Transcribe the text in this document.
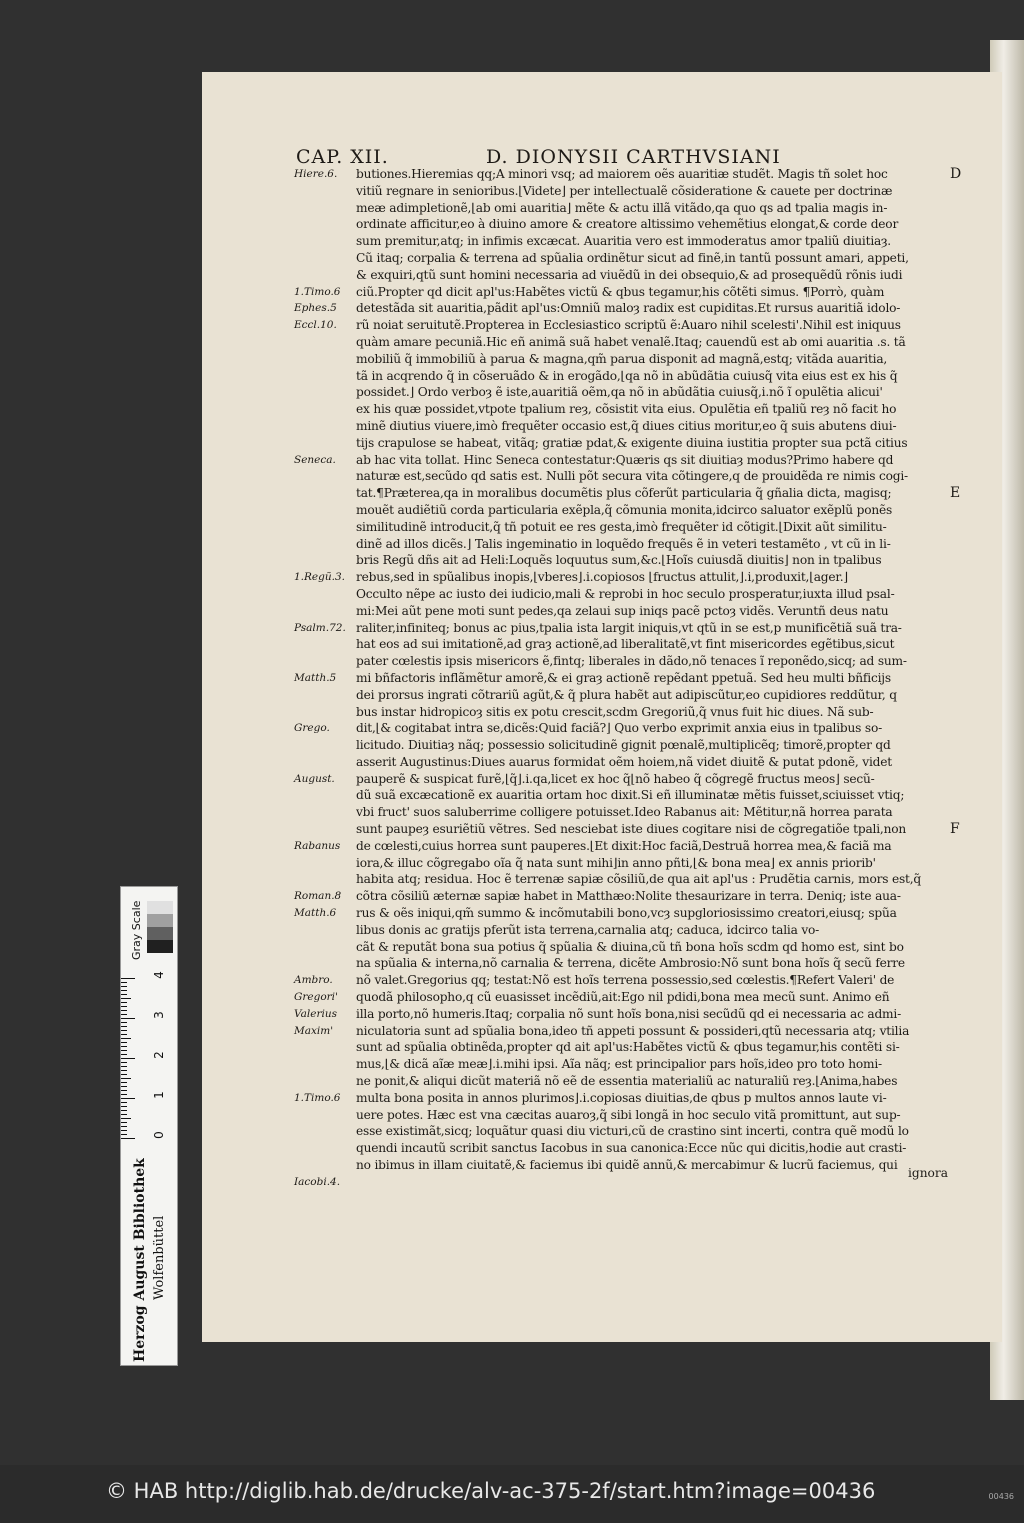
CAP. XII.	D. DIONYSII CARTHVSIANI
butiones.Hieremias qq;A minori vsq; ad maiorem oẽs auaritiæ studẽt. Magis tñ solet hoc
vitiũ regnare in senioribus.⌊Videte⌋ per intellectualẽ cõsideratione & cauete per doctrinæ
meæ adimpletionẽ,⌊ab omi auaritia⌋ mẽte & actu illã vitãdo,qa quo qs ad tpalia magis in-
ordinate afficitur,eo à diuino amore & creatore altissimo vehemẽtius elongat,& corde deor
sum premitur,atq; in infimis excæcat. Auaritia vero est immoderatus amor tpaliũ diuitiaȝ.
Cũ itaq; corpalia & terrena ad spũalia ordinẽtur sicut ad finẽ,in tantũ possunt amari, appeti,
& exquiri,qtũ sunt homini necessaria ad viuẽdũ in dei obsequio,& ad prosequẽdũ rõnis iudi
ciũ.Propter qd dicit apl'us:Habẽtes victũ & qbus tegamur,his cõtẽti simus. ¶Porrò, quàm
detestãda sit auaritia,pãdit apl'us:Omniũ maloȝ radix est cupiditas.Et rursus auaritiã idolo-
rũ noiat seruitutẽ.Propterea in Ecclesiastico scriptũ ẽ:Auaro nihil scelesti'.Nihil est iniquus
quàm amare pecuniã.Hic eñ animã suã habet venalẽ.Itaq; cauendũ est ab omi auaritia .s. tã
mobiliũ q̃ immobiliũ à parua & magna,qm̃ parua disponit ad magnã,estq; vitãda auaritia,
tã in acqrendo q̃ in cõseruãdo & in erogãdo,⌊qa nõ in abũdãtia cuiusq̃ vita eius est ex his q̃
possidet.⌋ Ordo verboȝ ẽ iste,auaritiã oẽm,qa nõ in abũdãtia cuiusq̃,i.nõ ĩ opulẽtia alicui'
ex his quæ possidet,vtpote tpalium reȝ, cõsistit vita eius. Opulẽtia eñ tpaliũ reȝ nõ facit ho
minẽ diutius viuere,imò frequẽter occasio est,q̃ diues citius moritur,eo q̃ suis abutens diui-
tijs crapulose se habeat, vitãq; gratiæ pdat,& exigente diuina iustitia propter sua pctã citius
ab hac vita tollat. Hinc Seneca contestatur:Quæris qs sit diuitiaȝ modus?Primo habere qd
naturæ est,secũdo qd satis est. Nulli põt secura vita cõtingere,q de prouidẽda re nimis cogi-
tat.¶Præterea,qa in moralibus documẽtis plus cõferũt particularia q̃ gñalia dicta, magisq;
mouẽt audiẽtiũ corda particularia exẽpla,q̃ cõmunia monita,idcirco saluator exẽplũ ponẽs
similitudinẽ introducit,q̃ tñ potuit ee res gesta,imò frequẽter id cõtigit.⌊Dixit aũt similitu-
dinẽ ad illos dicẽs.⌋ Talis ingeminatio in loquẽdo frequẽs ẽ in veteri testamẽto , vt cũ in li-
bris Regũ dñs ait ad Heli:Loquẽs loquutus sum,&c.⌊Hoĩs cuiusdã diuitis⌋ non in tpalibus
rebus,sed in spũalibus inopis,⌊vberes⌋.i.copiosos ⌊fructus attulit,⌋.i,produxit,⌊ager.⌋
Occulto nẽpe ac iusto dei iudicio,mali & reprobi in hoc seculo prosperatur,iuxta illud psal-
mi:Mei aũt pene moti sunt pedes,qa zelaui sup iniqs pacẽ pctoȝ vidẽs. Veruntñ deus natu
raliter,infiniteq; bonus ac pius,tpalia ista largit iniquis,vt qtũ in se est,p munificẽtiã suã tra-
hat eos ad sui imitationẽ,ad graȝ actionẽ,ad liberalitatẽ,vt fint misericordes egẽtibus,sicut
pater cœlestis ipsis misericors ẽ,fintq; liberales in dãdo,nõ tenaces ĩ reponẽdo,sicq; ad sum-
mi bñfactoris inflãmẽtur amorẽ,& ei graȝ actionẽ repẽdant ppetuã. Sed heu multi bñficijs
dei prorsus ingrati cõtrariũ agũt,& q̃ plura habẽt aut adipiscũtur,eo cupidiores reddũtur, q
bus instar hidropicoȝ sitis ex potu crescit,scdm Gregoriũ,q̃ vnus fuit hic diues. Nã sub-
dit,⌊& cogitabat intra se,dicẽs:Quid faciã?⌋ Quo verbo exprimit anxia eius in tpalibus so-
licitudo. Diuitiaȝ nãq; possessio solicitudinẽ gignit pœnalẽ,multiplicẽq; timorẽ,propter qd
asserit Augustinus:Diues auarus formidat oẽm hoiem,nã videt diuitẽ & putat pdonẽ, videt
pauperẽ & suspicat furẽ,⌊q̃⌋.i.qa,licet ex hoc q̃⌊nõ habeo q̃ cõgregẽ fructus meos⌋ secũ-
dũ suã excæcationẽ ex auaritia ortam hoc dixit.Si eñ illuminatæ mẽtis fuisset,sciuisset vtiq;
vbi fruct' suos saluberrime colligere potuisset.Ideo Rabanus ait: Mẽtitur,nã horrea parata
sunt paupeȝ esuriẽtiũ vẽtres. Sed nesciebat iste diues cogitare nisi de cõgregatiõe tpali,non
de cœlesti,cuius horrea sunt pauperes.⌊Et dixit:Hoc faciã,Destruã horrea mea,& faciã ma
iora,& illuc cõgregabo oĩa q̃ nata sunt mihi⌋in anno pñti,⌊& bona mea⌋ ex annis priorib'
habita atq; residua. Hoc ẽ terrenæ sapiæ cõsiliũ,de qua ait apl'us : Prudẽtia carnis, mors est,q̃
cõtra cõsiliũ æternæ sapiæ habet in Matthæo:Nolite thesaurizare in terra. Deniq; iste aua-
rus & oẽs iniqui,qm̃ summo & incõmutabili bono,vcȝ supgloriosissimo creatori,eiusq; spũa
libus donis ac gratijs pferũt ista terrena,carnalia atq; caduca, idcirco talia vo-
cãt & reputãt bona sua potius q̃ spũalia & diuina,cũ tñ bona hoĩs scdm qd homo est, sint bo
na spũalia & interna,nõ carnalia & terrena, dicẽte Ambrosio:Nõ sunt bona hoĩs q̃ secũ ferre
nõ valet.Gregorius qq; testat:Nõ est hoĩs terrena possessio,sed cœlestis.¶Refert Valeri' de
quodã philosopho,q cũ euasisset incẽdiũ,ait:Ego nil pdidi,bona mea mecũ sunt. Animo eñ
illa porto,nõ humeris.Itaq; corpalia nõ sunt hoĩs bona,nisi secũdũ qd ei necessaria ac admi-
niculatoria sunt ad spũalia bona,ideo tñ appeti possunt & possideri,qtũ necessaria atq; vtilia
sunt ad spũalia obtinẽda,propter qd ait apl'us:Habẽtes victũ & qbus tegamur,his contẽti si-
mus,⌊& dicã aĩæ meæ⌋.i.mihi ipsi. Aĩa nãq; est principalior pars hoĩs,ideo pro toto homi-
ne ponit,& aliqui dicũt materiã nõ eẽ de essentia materialiũ ac naturaliũ reȝ.⌊Anima,habes
multa bona posita in annos plurimos⌋.i.copiosas diuitias,de qbus p multos annos laute vi-
uere potes. Hæc est vna cæcitas auaroȝ,q̃ sibi longã in hoc seculo vitã promittunt, aut sup-
esse existimãt,sicq; loquãtur quasi diu victuri,cũ de crastino sint incerti, contra quẽ modũ lo
quendi incautũ scribit sanctus Iacobus in sua canonica:Ecce nũc qui dicitis,hodie aut crasti-
no ibimus in illam ciuitatẽ,& faciemus ibi quidẽ annũ,& mercabimur & lucrũ faciemus, qui
Hiere.6.
1.Timo.6
Ephes.5
Eccl.10.
Seneca.
1.Regũ.3.
Psalm.72.
Matth.5
Grego.
August.
Rabanus
Roman.8
Matth.6
Ambro.
Gregori'
Valerius
Maxim'
1.Timo.6
Iacobi.4.
D
E
F
ignora
Gray Scale
0
1
2
3
4
Herzog August Bibliothek Wolfenbüttel
© HAB http://diglib.hab.de/drucke/alv-ac-375-2f/start.htm?image=00436	00436
